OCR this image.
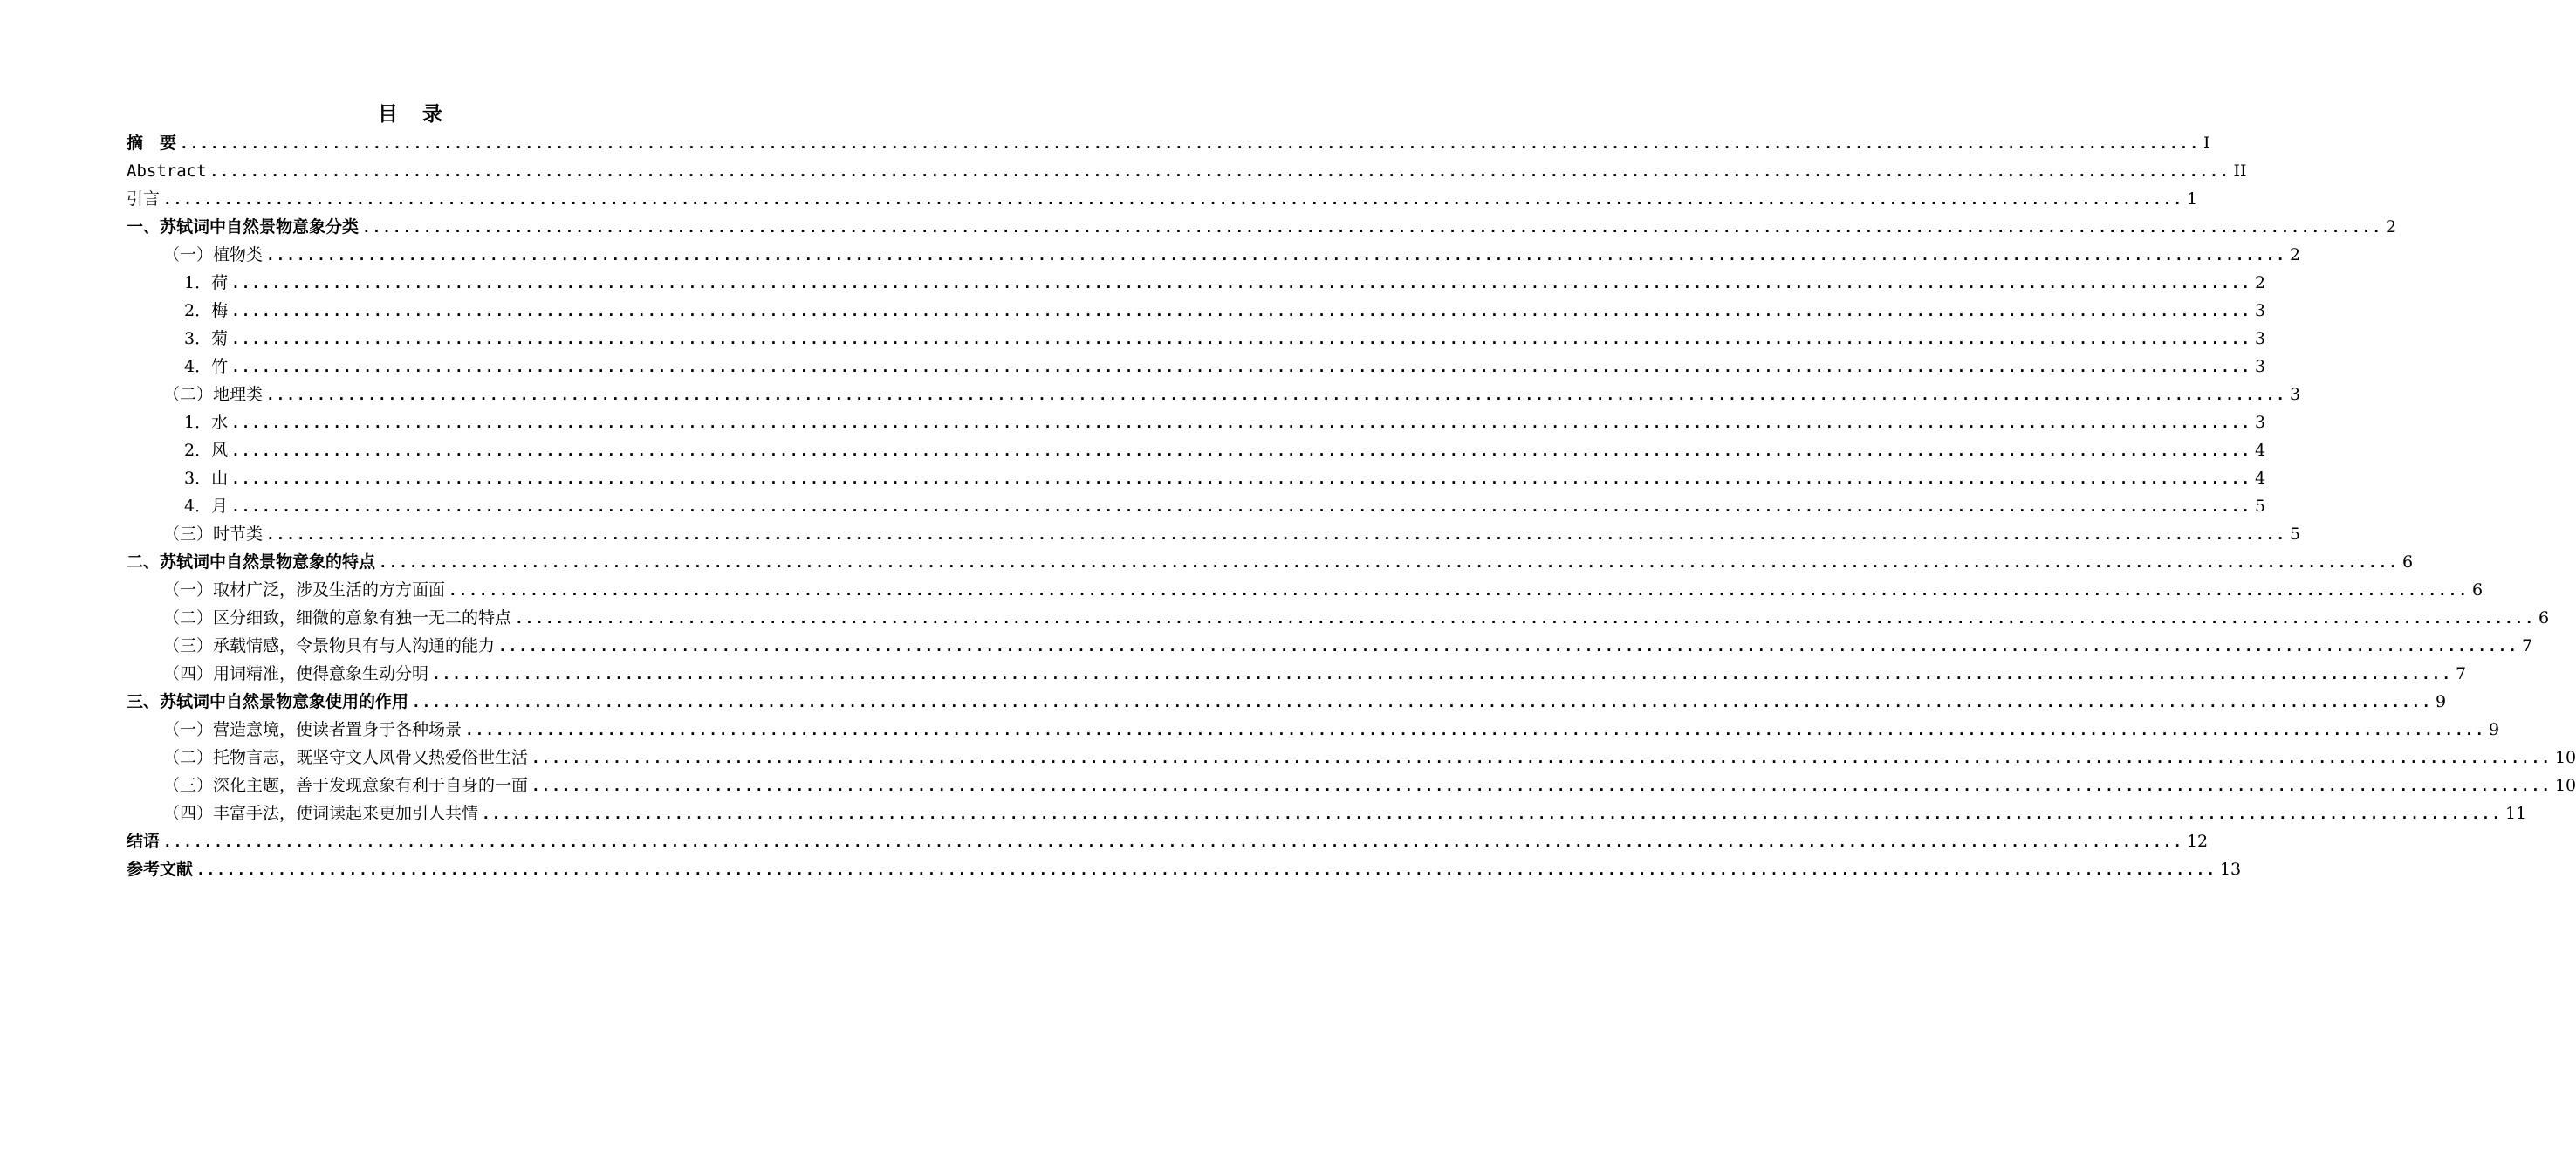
目 录
摘　要 ....................................................................................................................................................................................................... I
Abstract ....................................................................................................................................................................................................... II
引言 ....................................................................................................................................................................................................... 1
一、苏轼词中自然景物意象分类 ....................................................................................................................................................................................................... 2
（一）植物类 ....................................................................................................................................................................................................... 2
1．荷 ....................................................................................................................................................................................................... 2
2．梅 ....................................................................................................................................................................................................... 3
3．菊 ....................................................................................................................................................................................................... 3
4．竹 ....................................................................................................................................................................................................... 3
（二）地理类 ....................................................................................................................................................................................................... 3
1．水 ....................................................................................................................................................................................................... 3
2．风 ....................................................................................................................................................................................................... 4
3．山 ....................................................................................................................................................................................................... 4
4．月 ....................................................................................................................................................................................................... 5
（三）时节类 ....................................................................................................................................................................................................... 5
二、苏轼词中自然景物意象的特点 ....................................................................................................................................................................................................... 6
（一）取材广泛，涉及生活的方方面面 ....................................................................................................................................................................................................... 6
（二）区分细致，细微的意象有独一无二的特点 ....................................................................................................................................................................................................... 6
（三）承载情感，令景物具有与人沟通的能力 ....................................................................................................................................................................................................... 7
（四）用词精准，使得意象生动分明 ....................................................................................................................................................................................................... 7
三、苏轼词中自然景物意象使用的作用 ....................................................................................................................................................................................................... 9
（一）营造意境，使读者置身于各种场景 ....................................................................................................................................................................................................... 9
（二）托物言志，既坚守文人风骨又热爱俗世生活 ....................................................................................................................................................................................................... 10
（三）深化主题，善于发现意象有利于自身的一面 ....................................................................................................................................................................................................... 10
（四）丰富手法，使词读起来更加引人共情 ....................................................................................................................................................................................................... 11
结语 ....................................................................................................................................................................................................... 12
参考文献 ....................................................................................................................................................................................................... 13
